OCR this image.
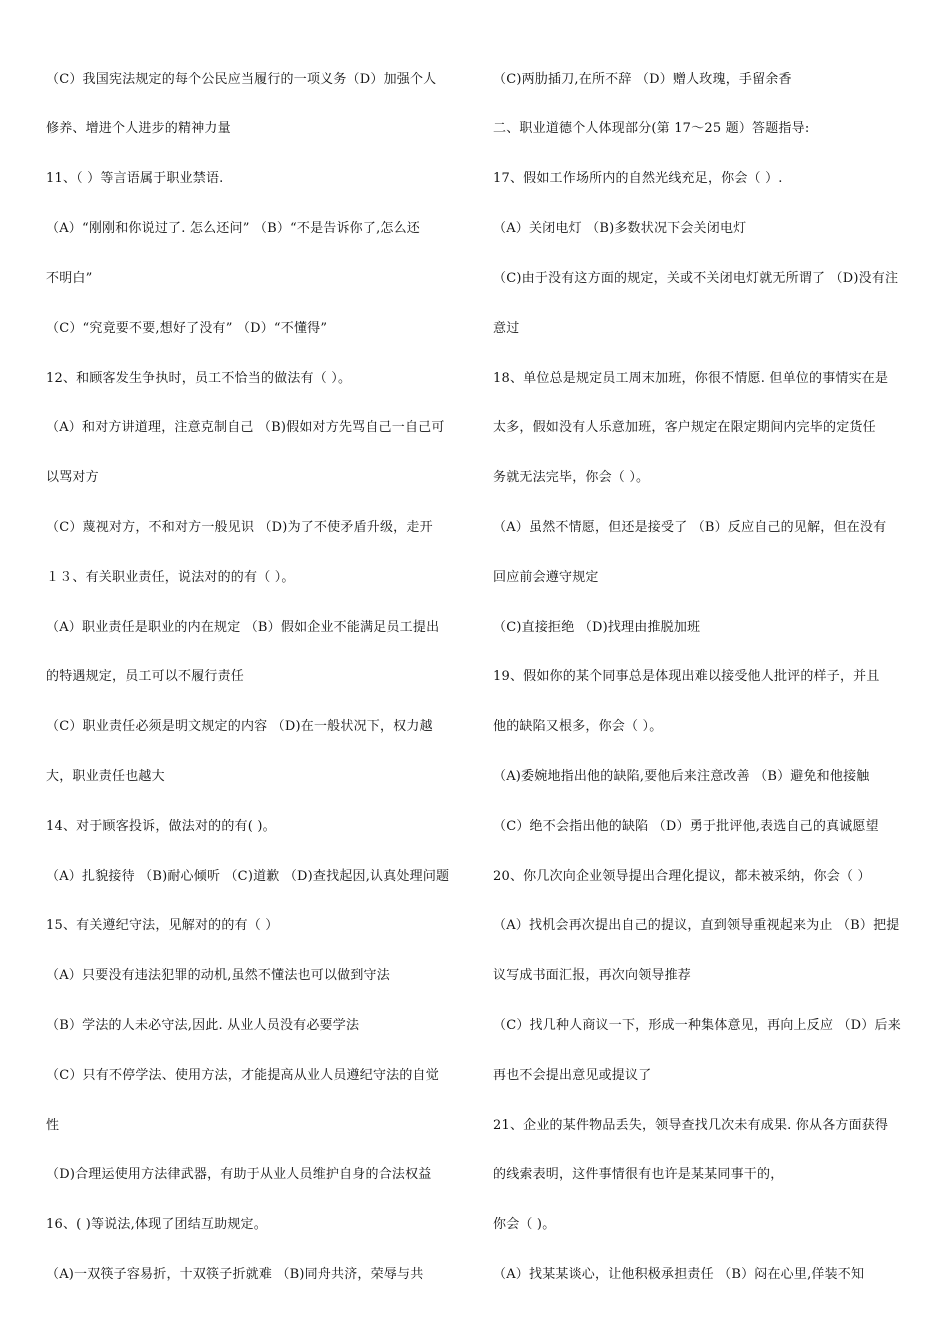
（C）我国宪法规定的每个公民应当履行的一项义务（D）加强个人
修养、增进个人进步的精神力量
11、（ ）等言语属于职业禁语.
（A）“刚刚和你说过了. 怎么还问” （B）“不是告诉你了,怎么还
不明白”
（C）“究竟要不要,想好了没有” （D）“不懂得”
12、和顾客发生争执时，员工不恰当的做法有（ ）。
（A）和对方讲道理，注意克制自己 （B)假如对方先骂自己一自己可
以骂对方
（C）蔑视对方，不和对方一般见识 （D)为了不使矛盾升级，走开
１３、有关职业责任，说法对的的有（ ）。
（A）职业责任是职业的内在规定 （B）假如企业不能满足员工提出
的特遇规定，员工可以不履行责任
（C）职业责任必须是明文规定的内容 （D)在一般状况下，权力越
大，职业责任也越大
14、对于顾客投诉，做法对的的有( )。
（A）扎貌接待 （B)耐心倾听 （C)道歉 （D)查找起因,认真处理问题
15、有关遵纪守法，见解对的的有（ ）
（A）只要没有违法犯罪的动机,虽然不懂法也可以做到守法
（B）学法的人未必守法,因此. 从业人员没有必要学法
（C）只有不停学法、使用方法，才能提高从业人员遵纪守法的自觉
性
（D)合理运使用方法律武器，有助于从业人员维护自身的合法权益
16、( )等说法,体现了团结互助规定。
（A)一双筷子容易折，十双筷子折就难 （B)同舟共济，荣辱与共
（C)两肋插刀,在所不辞 （D）赠人玫瑰，手留余香
二、职业道德个人体现部分(第 17～25 题）答题指导:
17、假如工作场所内的自然光线充足，你会（ ）.
（A）关闭电灯 （B)多数状况下会关闭电灯
（C)由于没有这方面的规定，关或不关闭电灯就无所谓了 （D)没有注
意过
18、单位总是规定员工周末加班，你很不情愿. 但单位的事情实在是
太多，假如没有人乐意加班，客户规定在限定期间内完毕的定货任
务就无法完毕，你会（ ）。
（A）虽然不情愿，但还是接受了 （B）反应自己的见解，但在没有
回应前会遵守规定
（C)直接拒绝 （D)找理由推脱加班
19、假如你的某个同事总是体现出难以接受他人批评的样子，并且
他的缺陷又根多，你会（ ）。
（A)委婉地指出他的缺陷,要他后来注意改善 （B）避免和他接触
（C）绝不会指出他的缺陷 （D）勇于批评他,表选自己的真诚愿望
20、你几次向企业领导提出合理化提议，都未被采纳，你会（ ）
（A）找机会再次提出自己的提议，直到领导重视起来为止 （B）把提
议写成书面汇报，再次向领导推荐
（C）找几种人商议一下，形成一种集体意见，再向上反应 （D）后来
再也不会提出意见或提议了
21、企业的某件物品丢失，领导查找几次未有成果. 你从各方面获得
的线索表明，这件事情很有也许是某某同事干的，
你会（ )。
（A）找某某谈心，让他积极承担责任 （B）闷在心里,佯装不知
